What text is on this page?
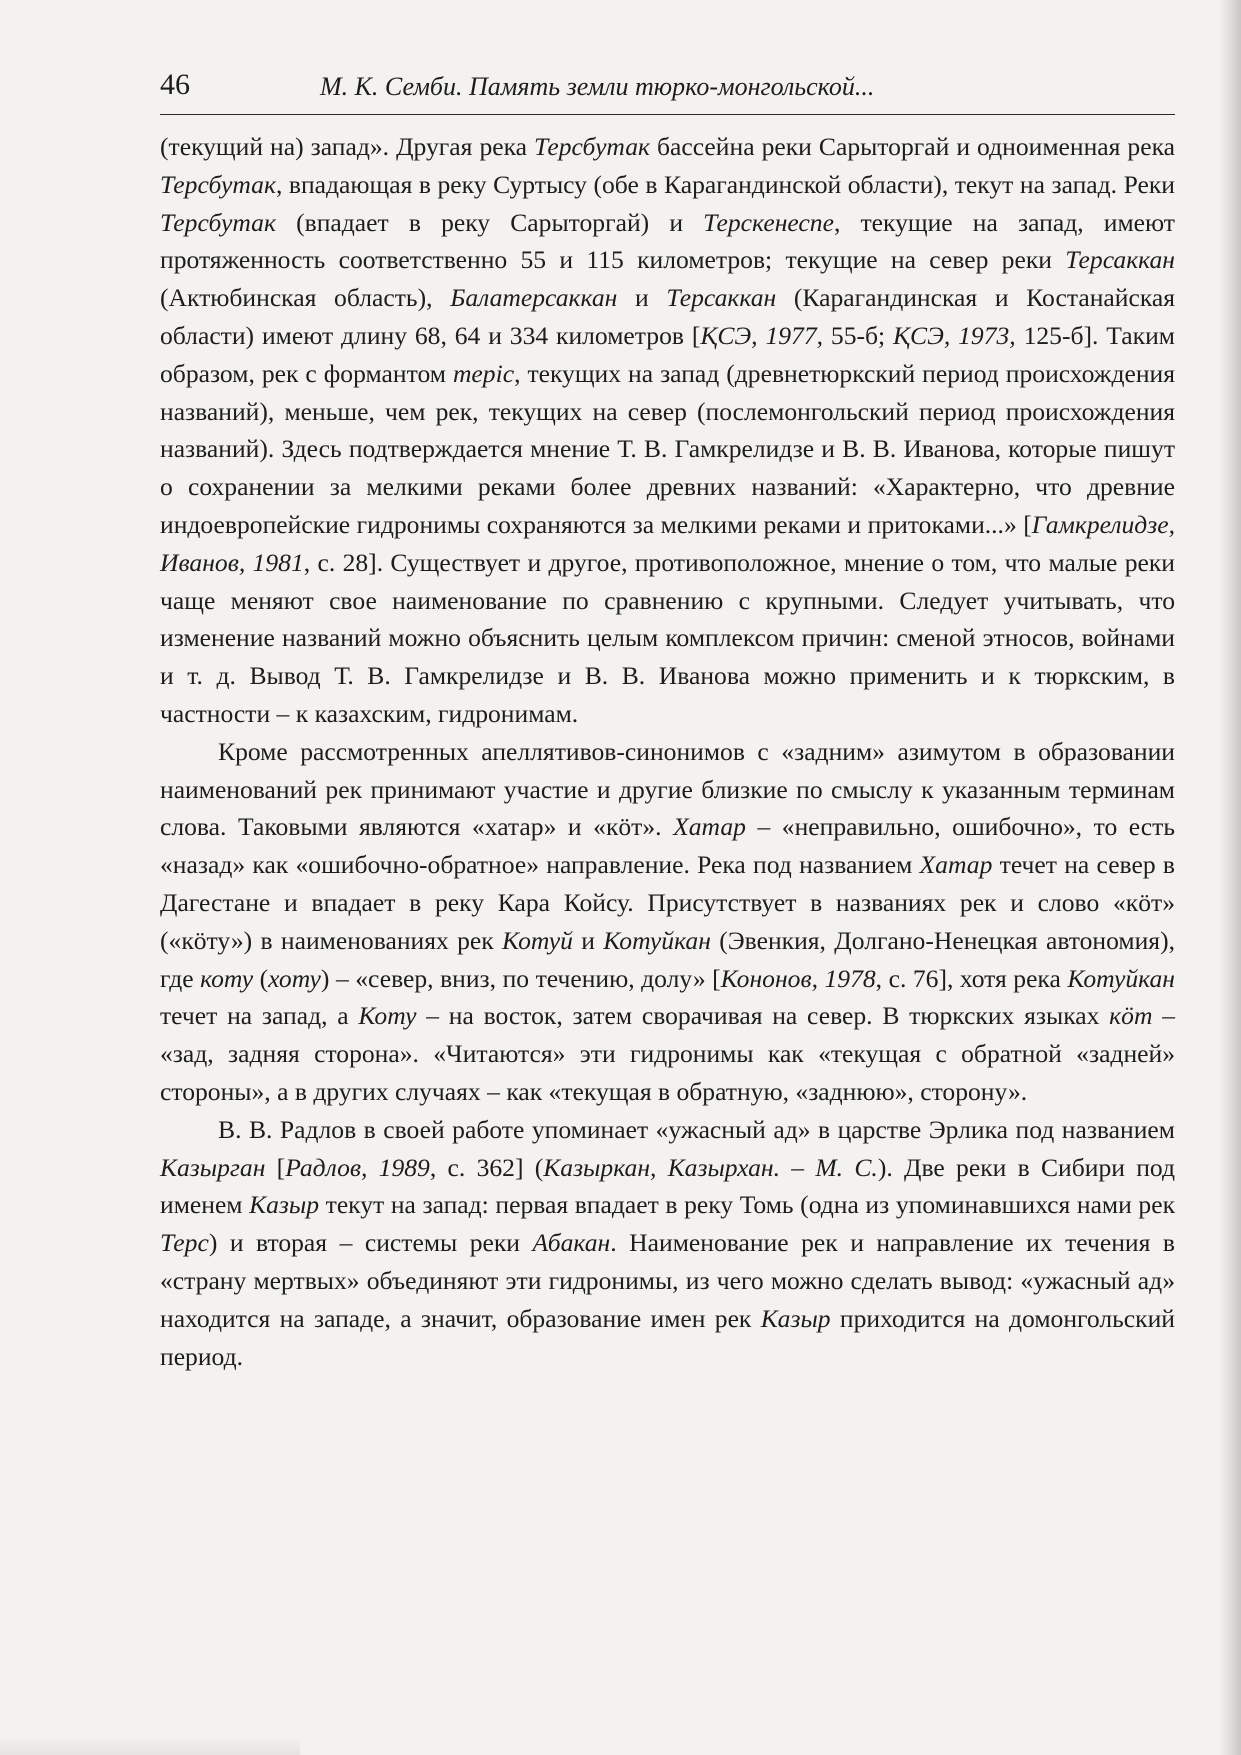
46	М. К. Семби. Память земли тюрко-монгольской...

(текущий на) запад». Другая река Терсбутак бассейна реки Сарыторгай и одноименная река Терсбутак, впадающая в реку Суртысу (обе в Карагандинской области), текут на запад. Реки Терсбутак (впадает в реку Сарыторгай) и Терскенеспе, текущие на запад, имеют протяженность соответственно 55 и 115 километров; текущие на север реки Терсаккан (Актюбинская область), Балатерсаккан и Терсаккан (Карагандинская и Костанайская области) имеют длину 68, 64 и 334 километров [ҚСЭ, 1977, 55-б; ҚСЭ, 1973, 125-б]. Таким образом, рек с формантом теріс, текущих на запад (древнетюркский период происхождения названий), меньше, чем рек, текущих на север (послемонгольский период происхождения названий). Здесь подтверждается мнение Т. В. Гамкрелидзе и В. В. Иванова, которые пишут о сохранении за мелкими реками более древних названий: «Характерно, что древние индоевропейские гидронимы сохраняются за мелкими реками и притоками...» [Гамкрелидзе, Иванов, 1981, с. 28]. Существует и другое, противоположное, мнение о том, что малые реки чаще меняют свое наименование по сравнению с крупными. Следует учитывать, что изменение названий можно объяснить целым комплексом причин: сменой этносов, войнами и т. д. Вывод Т. В. Гамкрелидзе и В. В. Иванова можно применить и к тюркским, в частности – к казахским, гидронимам.

Кроме рассмотренных апеллятивов-синонимов с «задним» азимутом в образовании наименований рек принимают участие и другие близкие по смыслу к указанным терминам слова. Таковыми являются «хатар» и «кöт». Хатар – «неправильно, ошибочно», то есть «назад» как «ошибочно-обратное» направление. Река под названием Хатар течет на север в Дагестане и впадает в реку Кара Койсу. Присутствует в названиях рек и слово «кöт» («кöту») в наименованиях рек Котуй и Котуйкан (Эвенкия, Долгано-Ненецкая автономия), где коту (хоту) – «север, вниз, по течению, долу» [Кононов, 1978, с. 76], хотя река Котуйкан течет на запад, а Коту – на восток, затем сворачивая на север. В тюркских языках кöт – «зад, задняя сторона». «Читаются» эти гидронимы как «текущая с обратной «задней» стороны», а в других случаях – как «текущая в обратную, «заднюю», сторону».

В. В. Радлов в своей работе упоминает «ужасный ад» в царстве Эрлика под названием Казырган [Радлов, 1989, с. 362] (Казыркан, Казырхан. – М. С.). Две реки в Сибири под именем Казыр текут на запад: первая впадает в реку Томь (одна из упоминавшихся нами рек Терс) и вторая – системы реки Абакан. Наименование рек и направление их течения в «страну мертвых» объединяют эти гидронимы, из чего можно сделать вывод: «ужасный ад» находится на западе, а значит, образование имен рек Казыр приходится на домонгольский период.
